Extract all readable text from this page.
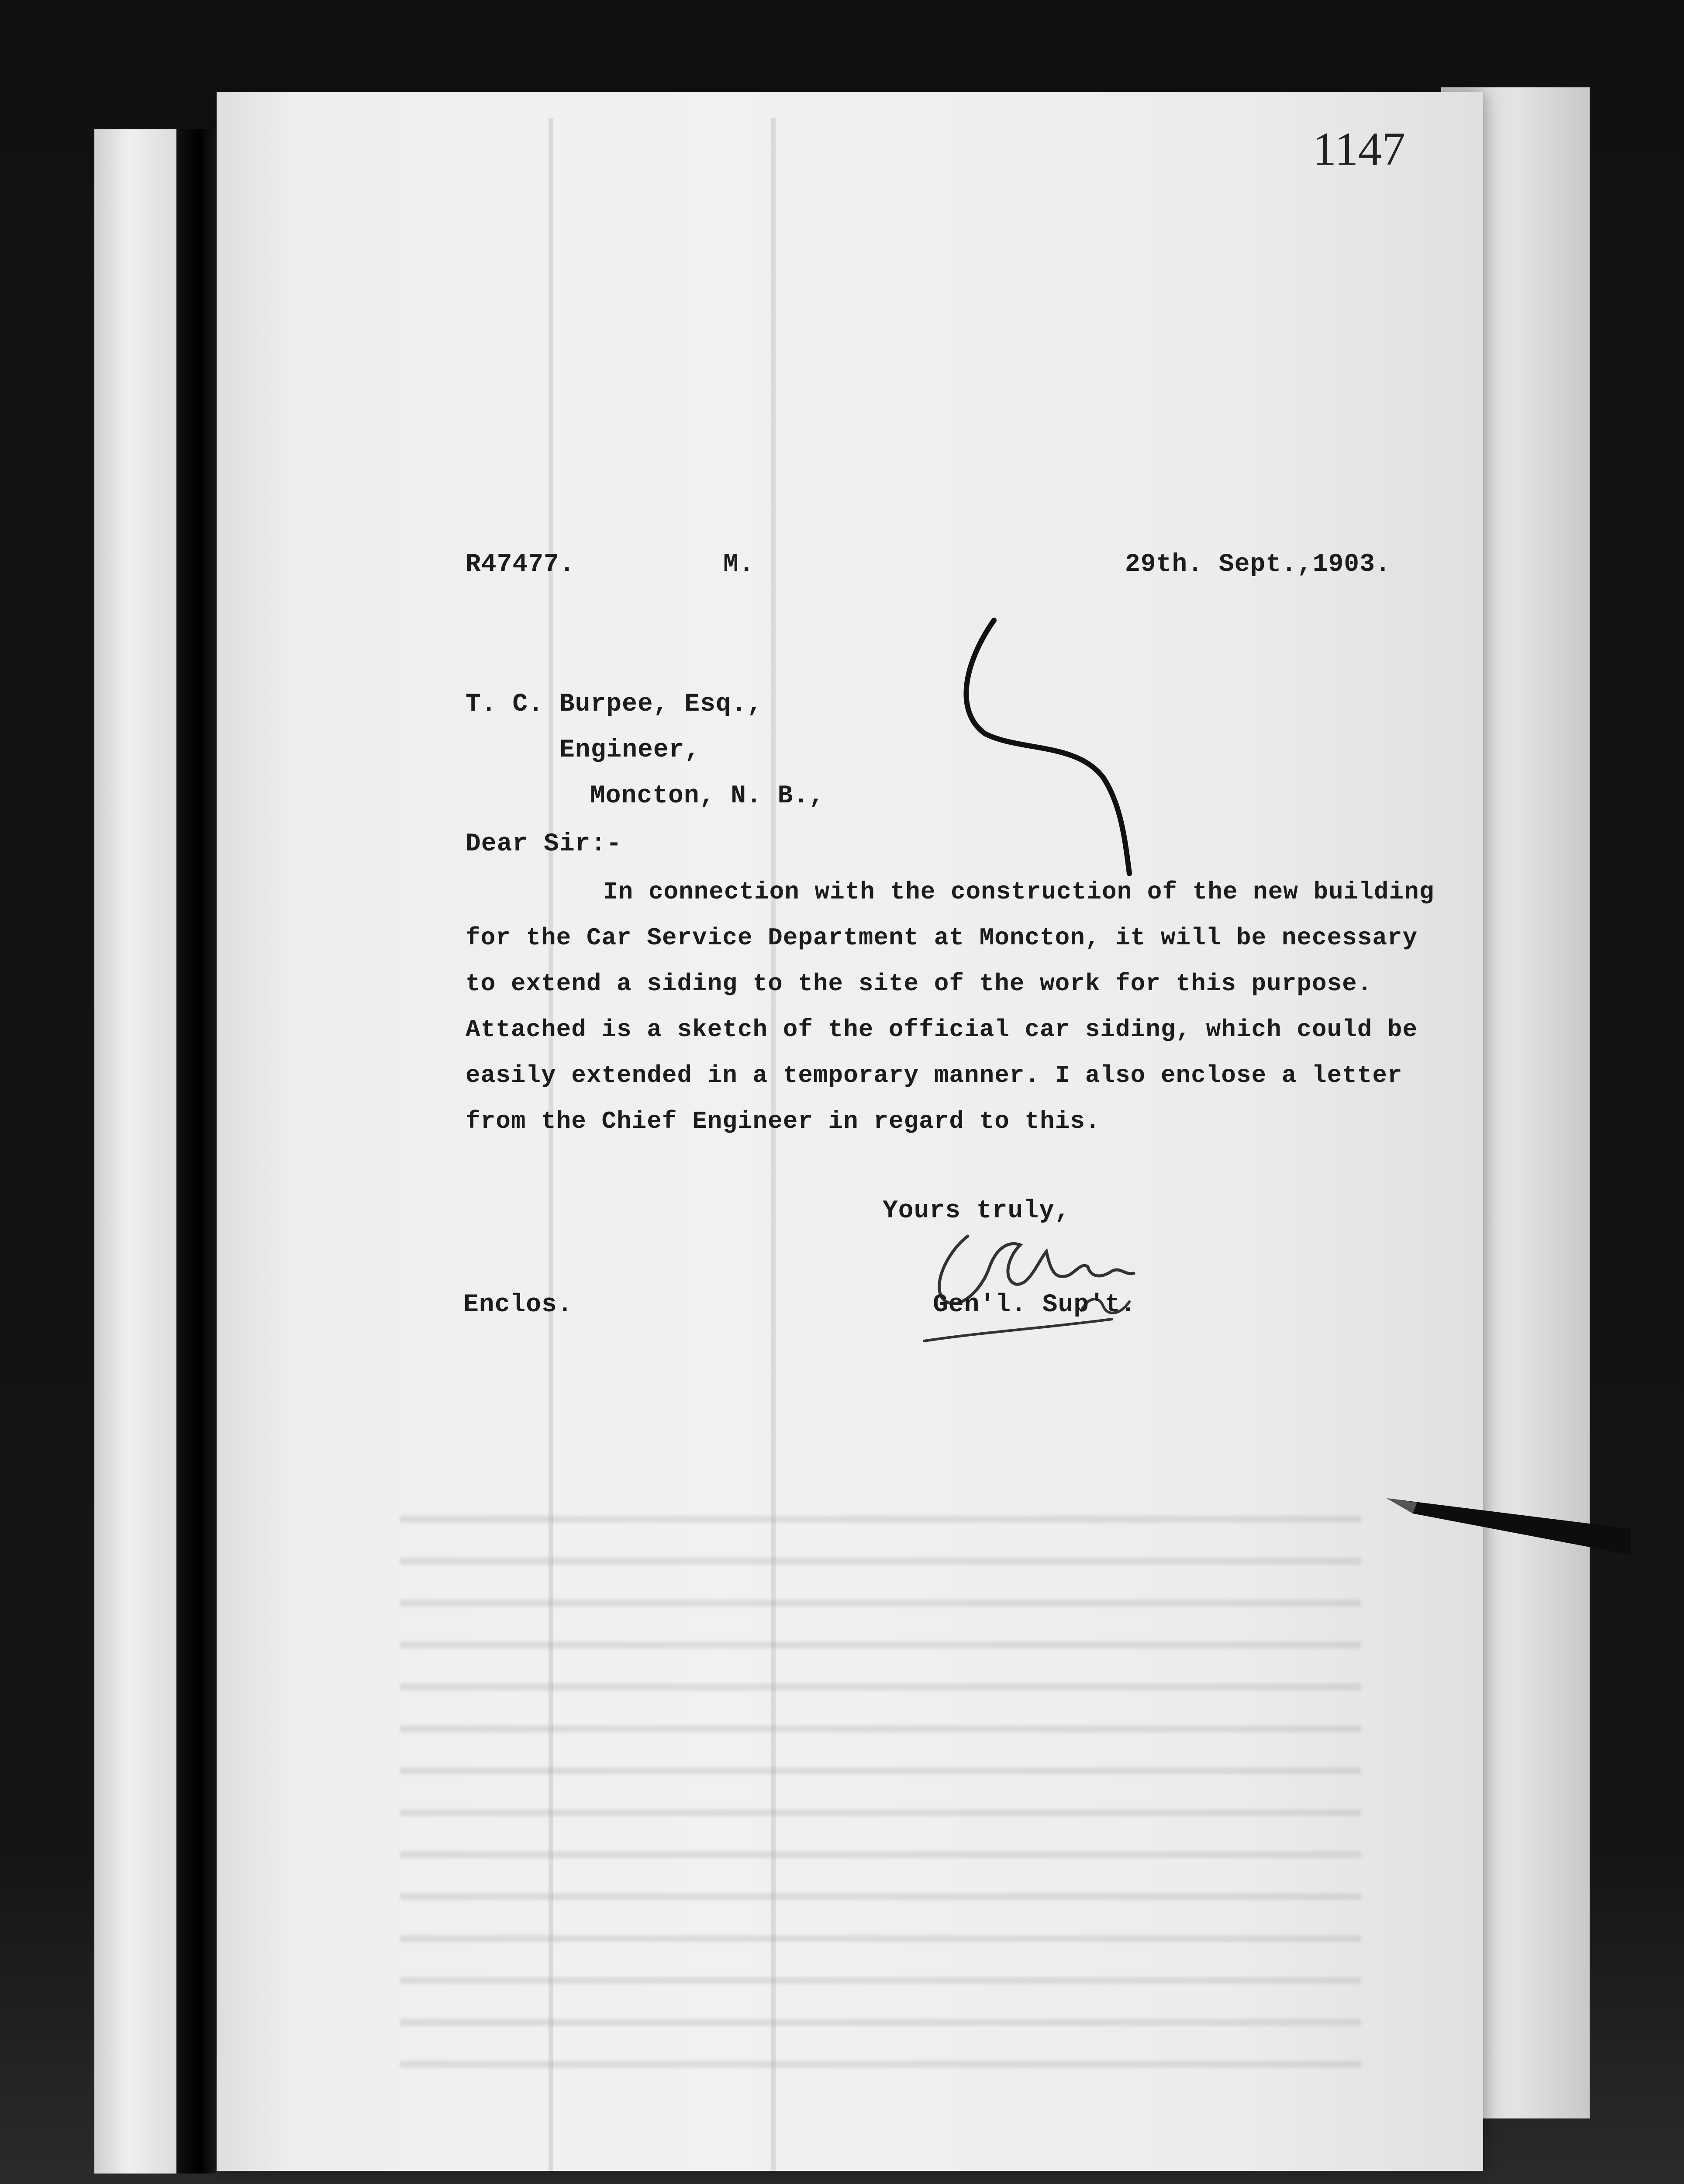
1147
R47477.	M.	29th. Sept.,1903.
T. C. Burpee, Esq.,
Engineer,
Moncton, N. B.,
Dear Sir:-
In connection with the construction of the new building
for the Car Service Department at Moncton, it will be necessary
to extend a siding to the site of the work for this purpose.
Attached is a sketch of the official car siding, which could be
easily extended in a temporary manner. I also enclose a letter
from the Chief Engineer in regard to this.
Yours truly,
Enclos.	Gen'l. Sup't.
